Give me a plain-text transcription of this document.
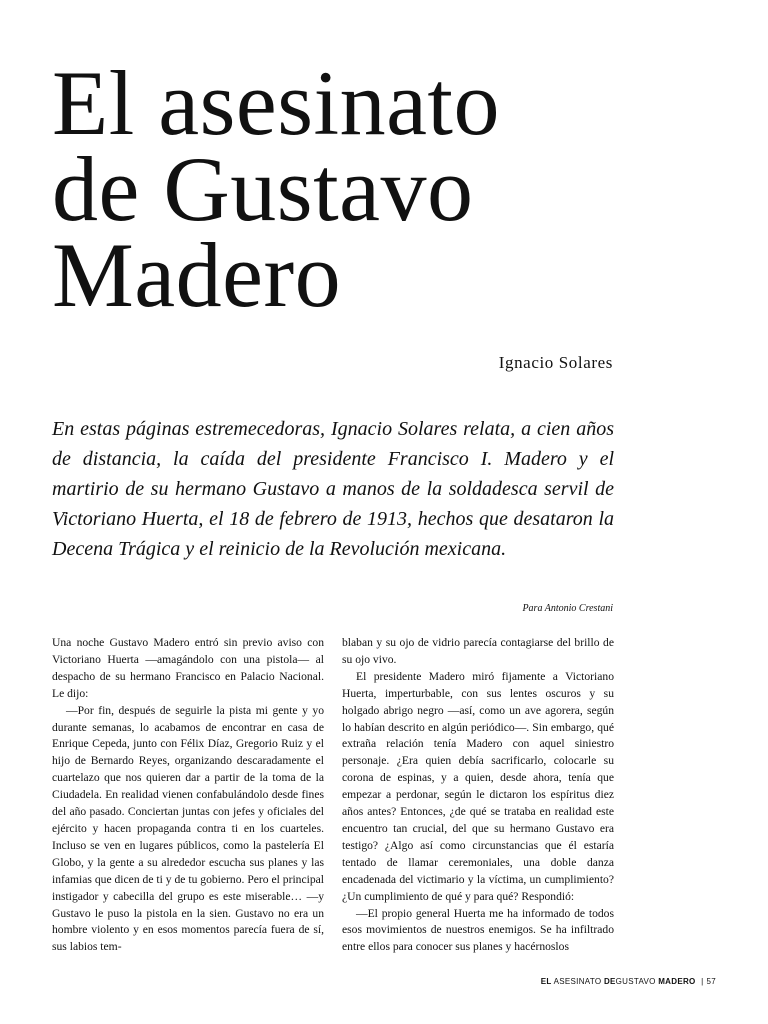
El asesinato
de Gustavo
Madero
Ignacio Solares

En estas páginas estremecedoras, Ignacio Solares relata, a cien años de distancia, la caída del presidente Francisco I. Madero y el martirio de su hermano Gustavo a manos de la soldadesca servil de Victoriano Huerta, el 18 de febrero de 1913, hechos que desataron la Decena Trágica y el reinicio de la Revolución mexicana.

Para Antonio Crestani

Una noche Gustavo Madero entró sin previo aviso con Victoriano Huerta —amagándolo con una pistola— al despacho de su hermano Francisco en Palacio Nacional. Le dijo:

—Por fin, después de seguirle la pista mi gente y yo durante semanas, lo acabamos de encontrar en casa de Enrique Cepeda, junto con Félix Díaz, Gregorio Ruiz y el hijo de Bernardo Reyes, organizando descaradamente el cuartelazo que nos quieren dar a partir de la toma de la Ciudadela. En realidad vienen confabulándolo desde fines del año pasado. Conciertan juntas con jefes y oficiales del ejército y hacen propaganda contra ti en los cuarteles. Incluso se ven en lugares públicos, como la pastelería El Globo, y la gente a su alrededor escucha sus planes y las infamias que dicen de ti y de tu gobierno. Pero el principal instigador y cabecilla del grupo es este miserable… —y Gustavo le puso la pistola en la sien. Gustavo no era un hombre violento y en esos momentos parecía fuera de sí, sus labios tem-

blaban y su ojo de vidrio parecía contagiarse del brillo de su ojo vivo.

El presidente Madero miró fijamente a Victoriano Huerta, imperturbable, con sus lentes oscuros y su holgado abrigo negro —así, como un ave agorera, según lo habían descrito en algún periódico—. Sin embargo, qué extraña relación tenía Madero con aquel siniestro personaje. ¿Era quien debía sacrificarlo, colocarle su corona de espinas, y a quien, desde ahora, tenía que empezar a perdonar, según le dictaron los espíritus diez años antes? Entonces, ¿de qué se trataba en realidad este encuentro tan crucial, del que su hermano Gustavo era testigo? ¿Algo así como circunstancias que él estaría tentado de llamar ceremoniales, una doble danza encadenada del victimario y la víctima, un cumplimiento? ¿Un cumplimiento de qué y para qué? Respondió:

—El propio general Huerta me ha informado de todos esos movimientos de nuestros enemigos. Se ha infiltrado entre ellos para conocer sus planes y hacérnoslos

EL ASESINATO DEGUSTAVO MADERO | 57
